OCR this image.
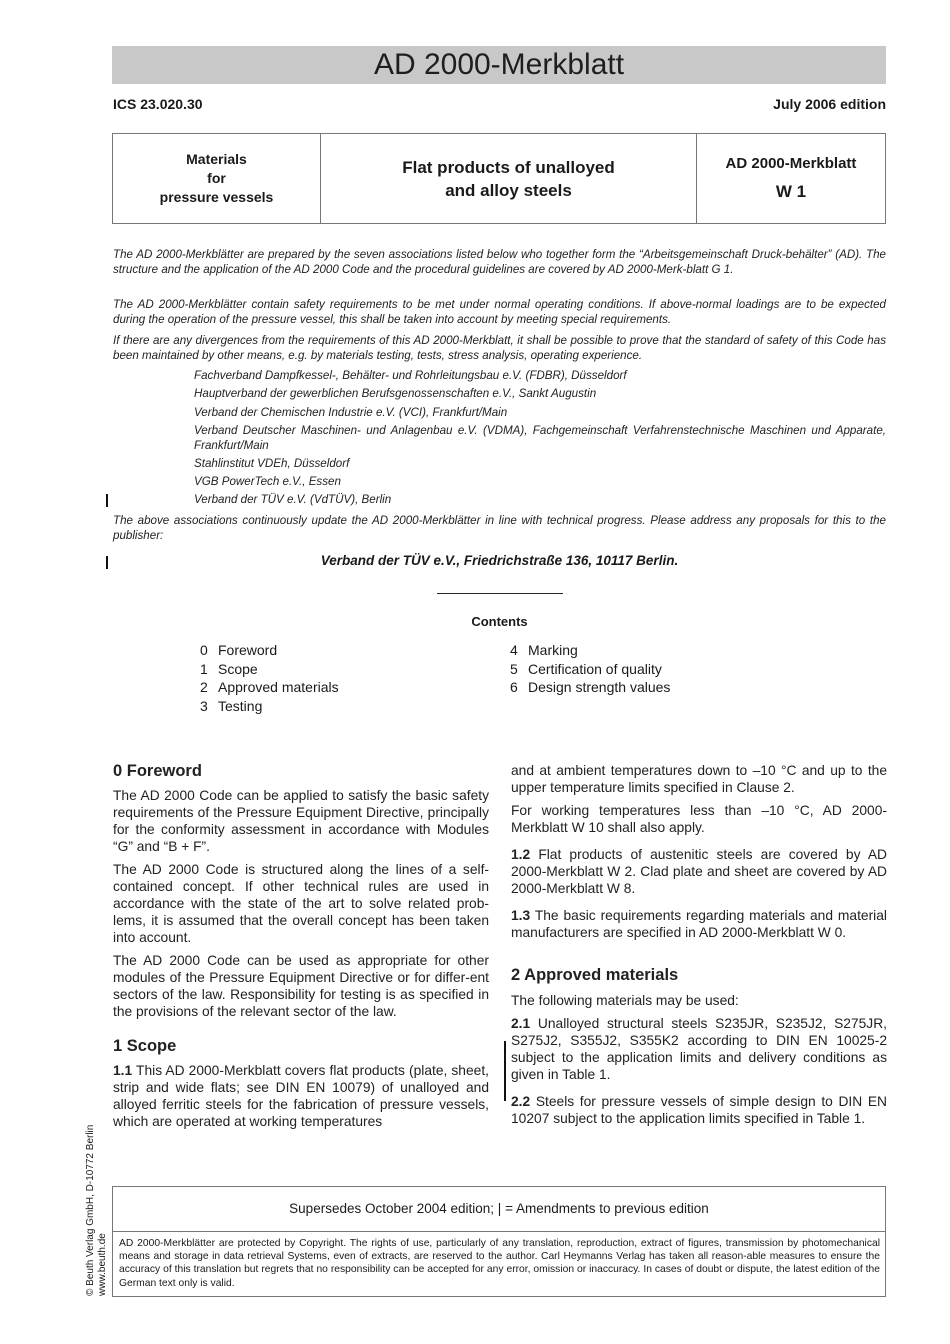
AD 2000-Merkblatt
ICS 23.020.30	July 2006 edition
Materials
for
pressure vessels
Flat products of unalloyed
and alloy steels
AD 2000-Merkblatt
W 1
The AD 2000-Merkblätter are prepared by the seven associations listed below who together form the “Arbeitsgemeinschaft Druck-behälter” (AD). The structure and the application of the AD 2000 Code and the procedural guidelines are covered by AD 2000-Merk-blatt G 1.
The AD 2000-Merkblätter contain safety requirements to be met under normal operating conditions. If above-normal loadings are to be expected during the operation of the pressure vessel, this shall be taken into account by meeting special requirements.
If there are any divergences from the requirements of this AD 2000-Merkblatt, it shall be possible to prove that the standard of safety of this Code has been maintained by other means, e.g. by materials testing, tests, stress analysis, operating experience.
Fachverband Dampfkessel-, Behälter- und Rohrleitungsbau e.V. (FDBR), Düsseldorf
Hauptverband der gewerblichen Berufsgenossenschaften e.V., Sankt Augustin
Verband der Chemischen Industrie e.V. (VCI), Frankfurt/Main
Verband Deutscher Maschinen- und Anlagenbau e.V. (VDMA), Fachgemeinschaft Verfahrenstechnische Maschinen und Apparate, Frankfurt/Main
Stahlinstitut VDEh, Düsseldorf
VGB PowerTech e.V., Essen
Verband der TÜV e.V. (VdTÜV), Berlin
The above associations continuously update the AD 2000-Merkblätter in line with technical progress. Please address any proposals for this to the publisher:
Verband der TÜV e.V., Friedrichstraße 136, 10117 Berlin.
Contents
0 Foreword
1 Scope
2 Approved materials
3 Testing
4 Marking
5 Certification of quality
6 Design strength values
0 Foreword

The AD 2000 Code can be applied to satisfy the basic safety requirements of the Pressure Equipment Directive, principally for the conformity assessment in accordance with Modules “G” and “B + F”.

The AD 2000 Code is structured along the lines of a self-contained concept. If other technical rules are used in accordance with the state of the art to solve related prob-lems, it is assumed that the overall concept has been taken into account.

The AD 2000 Code can be used as appropriate for other modules of the Pressure Equipment Directive or for differ-ent sectors of the law. Responsibility for testing is as specified in the provisions of the relevant sector of the law.

1 Scope

1.1 This AD 2000-Merkblatt covers flat products (plate, sheet, strip and wide flats; see DIN EN 10079) of unalloyed and alloyed ferritic steels for the fabrication of pressure vessels, which are operated at working temperatures

and at ambient temperatures down to –10 °C and up to the upper temperature limits specified in Clause 2.

For working temperatures less than –10 °C, AD 2000-Merkblatt W 10 shall also apply.

1.2 Flat products of austenitic steels are covered by AD 2000-Merkblatt W 2. Clad plate and sheet are covered by AD 2000-Merkblatt W 8.

1.3 The basic requirements regarding materials and material manufacturers are specified in AD 2000-Merkblatt W 0.

2 Approved materials

The following materials may be used:

2.1 Unalloyed structural steels S235JR, S235J2, S275JR, S275J2, S355J2, S355K2 according to DIN EN 10025-2 subject to the application limits and delivery conditions as given in Table 1.

2.2 Steels for pressure vessels of simple design to DIN EN 10207 subject to the application limits specified in Table 1.

Supersedes October 2004 edition; | = Amendments to previous edition
AD 2000-Merkblätter are protected by Copyright. The rights of use, particularly of any translation, reproduction, extract of figures, transmission by photomechanical means and storage in data retrieval Systems, even of extracts, are reserved to the author. Carl Heymanns Verlag has taken all reason-able measures to ensure the accuracy of this translation but regrets that no responsibility can be accepted for any error, omission or inaccuracy. In cases of doubt or dispute, the latest edition of the German text only is valid.
© Beuth Verlag GmbH, D-10772 Berlin www.beuth.de
